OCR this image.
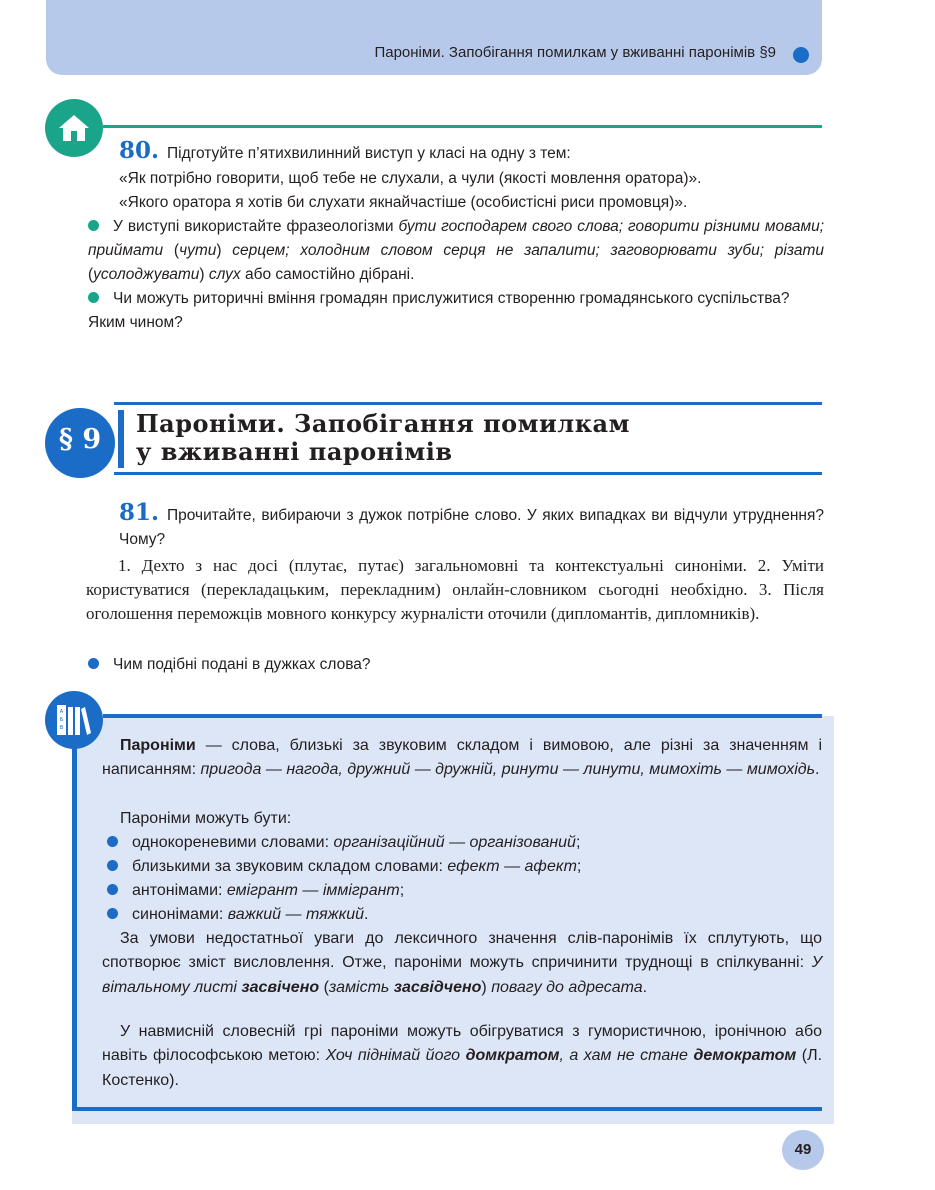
Пароніми. Запобігання помилкам у вживанні паронімів §9
80. Підготуйте п’ятихвилинний виступ у класі на одну з тем:
«Як потрібно говорити, щоб тебе не слухали, а чули (якості мовлення оратора)».
«Якого оратора я хотів би слухати якнайчастіше (особистісні риси промовця)».
У виступі використайте фразеологізми бути господарем свого слова; говорити різними мовами; приймати (чути) серцем; холодним словом серця не запалити; заговорювати зуби; різати (усолоджувати) слух або самостійно дібрані.
Чи можуть риторичні вміння громадян прислужитися створенню громадянського суспільства? Яким чином?
§ 9
Пароніми. Запобігання помилкам
у вживанні паронімів
81. Прочитайте, вибираючи з дужок потрібне слово. У яких випадках ви відчули утруднення? Чому?
1. Дехто з нас досі (плутає, путає) загальномовні та контекстуальні синоніми. 2. Уміти користуватися (перекладацьким, перекладним) онлайн-словником сьогодні необхідно. 3. Після оголошення переможців мовного конкурсу журналісти оточили (дипломантів, дипломників).
Чим подібні подані в дужках слова?
А
Б
В
Пароніми — слова, близькі за звуковим складом і вимовою, але різні за значенням і написанням: пригода — нагода, дружний — дружній, ринути — линути, мимохіть — мимохідь.
Пароніми можуть бути:
однокореневими словами: організаційний — організований;
близькими за звуковим складом словами: ефект — афект;
антонімами: емігрант — іммігрант;
синонімами: важкий — тяжкий.
За умови недостатньої уваги до лексичного значення слів-паронімів їх сплутують, що спотворює зміст висловлення. Отже, пароніми можуть спричинити труднощі в спілкуванні: У вітальному листі засвічено (замість засвідчено) повагу до адресата.
У навмисній словесній грі пароніми можуть обігруватися з гумористичною, іронічною або навіть філософською метою: Хоч піднімай його домкратом, а хам не стане демократом (Л. Костенко).
49
